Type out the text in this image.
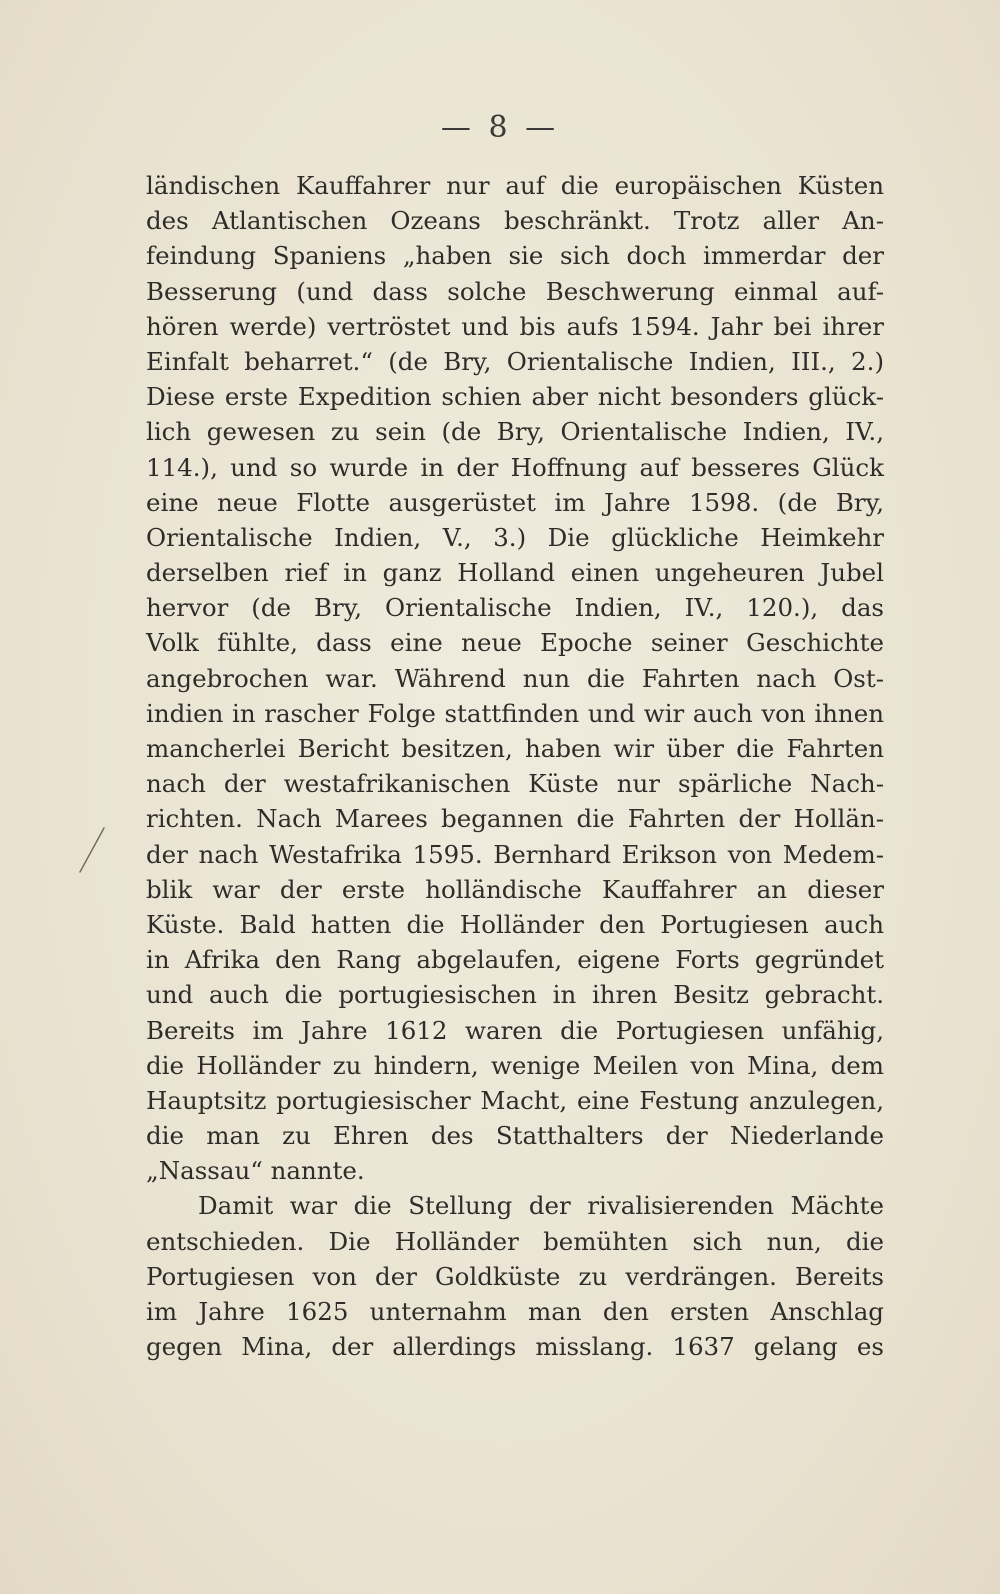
— 8 —
ländischen Kauffahrer nur auf die europäischen Küsten
des Atlantischen Ozeans beschränkt. Trotz aller An-
feindung Spaniens „haben sie sich doch immerdar der
Besserung (und dass solche Beschwerung einmal auf-
hören werde) vertröstet und bis aufs 1594. Jahr bei ihrer
Einfalt beharret.“ (de Bry, Orientalische Indien, III., 2.)
Diese erste Expedition schien aber nicht besonders glück-
lich gewesen zu sein (de Bry, Orientalische Indien, IV.,
114.), und so wurde in der Hoffnung auf besseres Glück
eine neue Flotte ausgerüstet im Jahre 1598. (de Bry,
Orientalische Indien, V., 3.) Die glückliche Heimkehr
derselben rief in ganz Holland einen ungeheuren Jubel
hervor (de Bry, Orientalische Indien, IV., 120.), das
Volk fühlte, dass eine neue Epoche seiner Geschichte
angebrochen war. Während nun die Fahrten nach Ost-
indien in rascher Folge stattfinden und wir auch von ihnen
mancherlei Bericht besitzen, haben wir über die Fahrten
nach der westafrikanischen Küste nur spärliche Nach-
richten. Nach Marees begannen die Fahrten der Hollän-
der nach Westafrika 1595. Bernhard Erikson von Medem-
blik war der erste holländische Kauffahrer an dieser
Küste. Bald hatten die Holländer den Portugiesen auch
in Afrika den Rang abgelaufen, eigene Forts gegründet
und auch die portugiesischen in ihren Besitz gebracht.
Bereits im Jahre 1612 waren die Portugiesen unfähig,
die Holländer zu hindern, wenige Meilen von Mina, dem
Hauptsitz portugiesischer Macht, eine Festung anzulegen,
die man zu Ehren des Statthalters der Niederlande
„Nassau“ nannte.
Damit war die Stellung der rivalisierenden Mächte
entschieden. Die Holländer bemühten sich nun, die
Portugiesen von der Goldküste zu verdrängen. Bereits
im Jahre 1625 unternahm man den ersten Anschlag
gegen Mina, der allerdings misslang. 1637 gelang es
